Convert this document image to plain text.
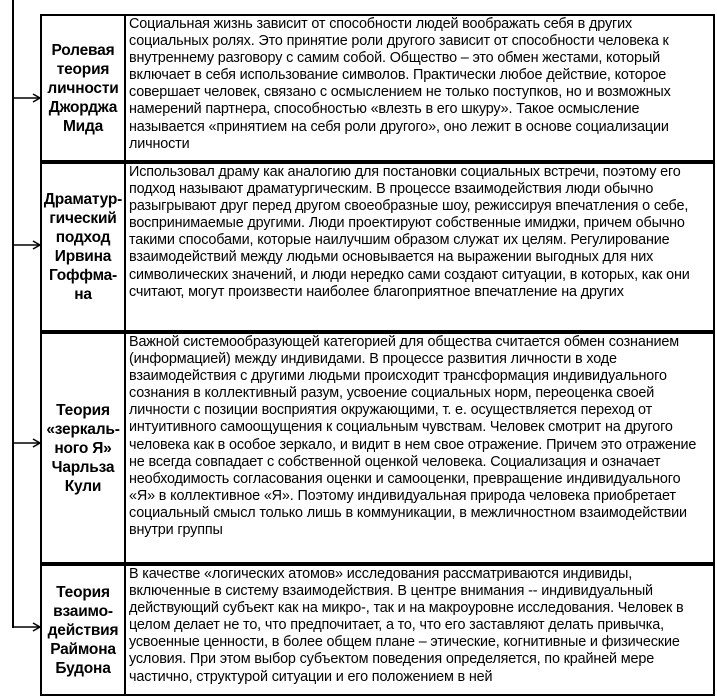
Ролевая
теория
личности
Джорджа
Мида

Социальная жизнь зависит от способности людей воображать себя в других социальных ролях. Это принятие роли другого зависит от способности человека к внутреннему разговору с самим собой. Общество – это обмен жестами, который включает в себя использование символов. Практически любое действие, которое совершает человек, связано с осмыслением не только поступков, но и возможных намерений партнера, способностью «влезть в его шкуру». Такое осмысление называется «принятием на себя роли другого», оно лежит в основе социализации личности

Драматур-
гический
подход
Ирвина
Гоффма-
на

Использовал драму как аналогию для постановки социальных встречи, поэтому его подход называют драматургическим. В процессе взаимодействия люди обычно разыгрывают друг перед другом своеобразные шоу, режиссируя впечатления о себе, воспринимаемые другими. Люди проектируют собственные имиджи, причем обычно такими способами, которые наилучшим образом служат их целям. Регулирование взаимодействий между людьми основывается на выражении выгодных для них символических значений, и люди нередко сами создают ситуации, в которых, как они считают, могут произвести наиболее благоприятное впечатление на других

Теория
«зеркаль-
ного Я»
Чарльза
Кули

Важной системообразующей категорией для общества считается обмен сознанием (информацией) между индивидами. В процессе развития личности в ходе взаимодействия с другими людьми происходит трансформация индивидуального сознания в коллективный разум, усвоение социальных норм, переоценка своей личности с позиции восприятия окружающими, т. е. осуществляется переход от интуитивного самоощущения к социальным чувствам. Человек смотрит на другого человека как в особое зеркало, и видит в нем свое отражение. Причем это отражение не всегда совпадает с собственной оценкой человека. Социализация и означает необходимость согласования оценки и самооценки, превращение индивидуального «Я» в коллективное «Я». Поэтому индивидуальная природа человека приобретает социальный смысл только лишь в коммуникации, в межличностном взаимодействии внутри группы

Теория
взаимо-
действия
Раймона
Будона

В качестве «логических атомов» исследования рассматриваются индивиды, включенные в систему взаимодействия. В центре внимания -- индивидуальный действующий субъект как на микро-, так и на макроуровне исследования. Человек в целом делает не то, что предпочитает, а то, что его заставляют делать привычка, усвоенные ценности, в более общем плане – этические, когнитивные и физические условия. При этом выбор субъектом поведения определяется, по крайней мере частично, структурой ситуации и его положением в ней
